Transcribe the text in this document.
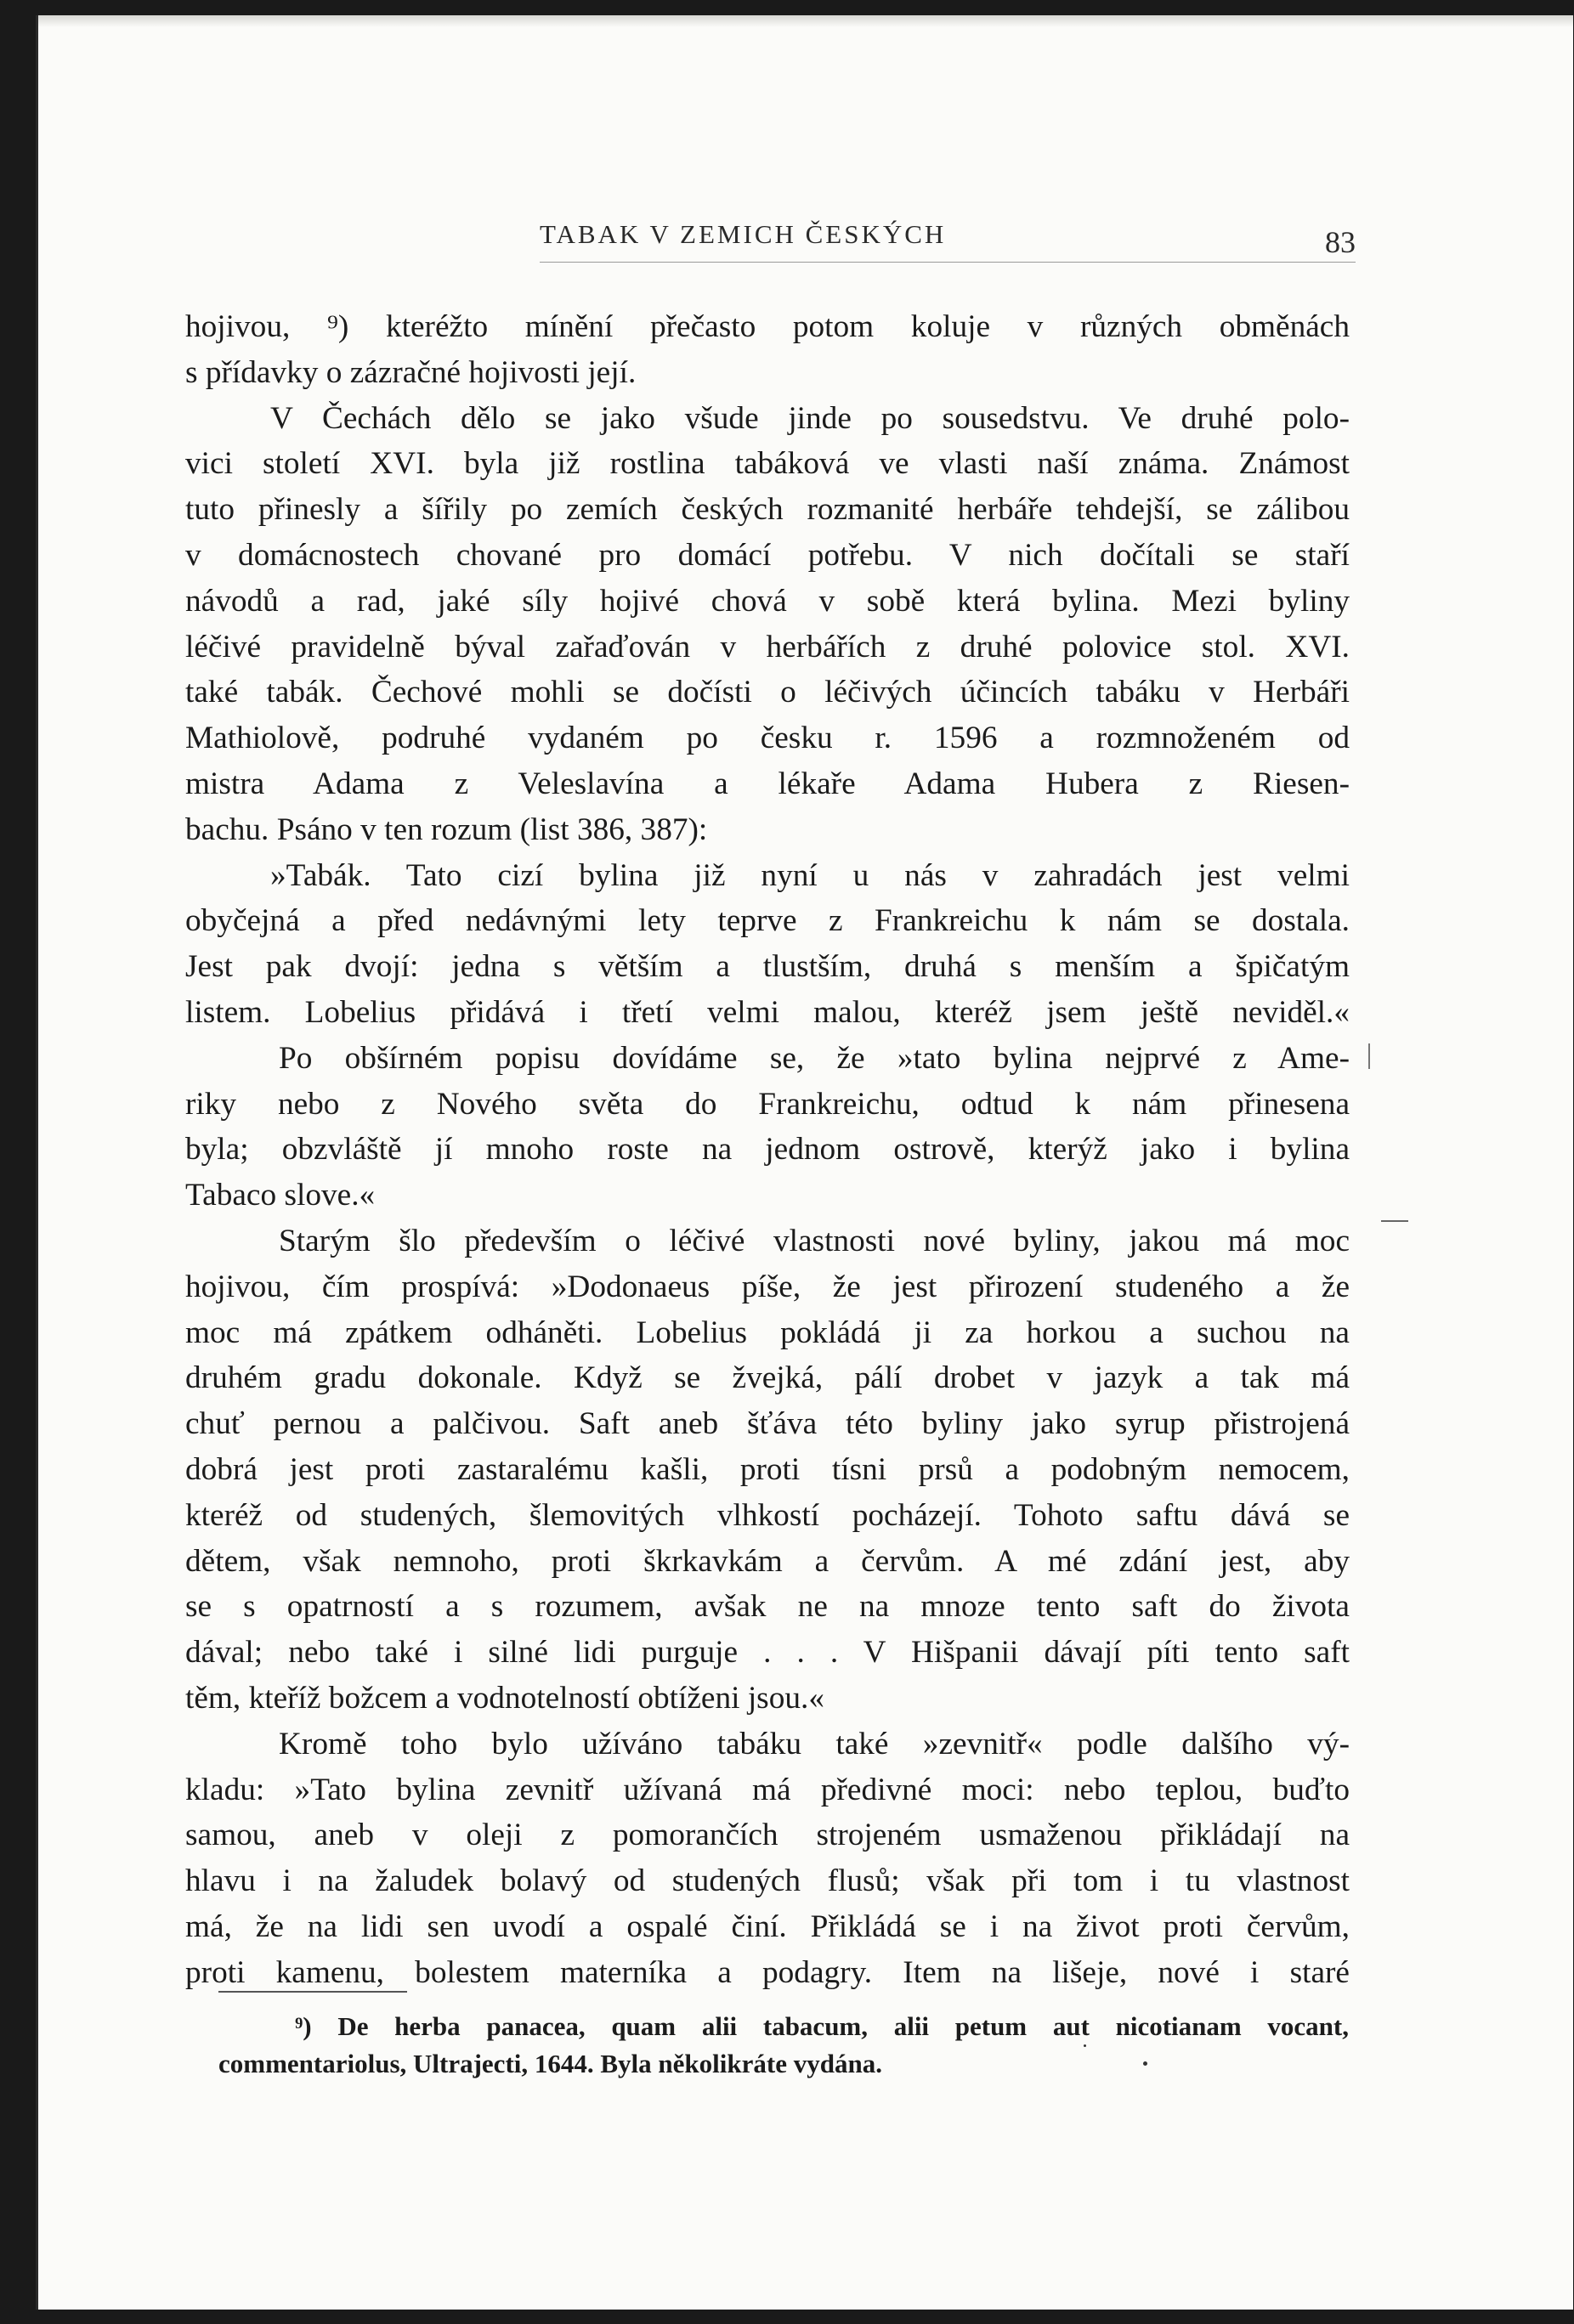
TABAK V ZEMICH ČESKÝCH	83
hojivou, ⁹) kteréžto mínění přečasto potom koluje v různých obměnách
s přídavky o zázračné hojivosti její.
V Čechách dělo se jako všude jinde po sousedstvu. Ve druhé polo-
vici století XVI. byla již rostlina tabáková ve vlasti naší známa. Známost
tuto přinesly a šířily po zemích českých rozmanité herbáře tehdejší, se zálibou
v domácnostech chované pro domácí potřebu. V nich dočítali se staří
návodů a rad, jaké síly hojivé chová v sobě která bylina. Mezi byliny
léčivé pravidelně býval zařaďován v herbářích z druhé polovice stol. XVI.
také tabák. Čechové mohli se dočísti o léčivých účincích tabáku v Herbáři
Mathiolově, podruhé vydaném po česku r. 1596 a rozmnoženém od
mistra Adama z Veleslavína a lékaře Adama Hubera z Riesen-
bachu. Psáno v ten rozum (list 386, 387):
»Tabák. Tato cizí bylina již nyní u nás v zahradách jest velmi
obyčejná a před nedávnými lety teprve z Frankreichu k nám se dostala.
Jest pak dvojí: jedna s větším a tlustším, druhá s menším a špičatým
listem. Lobelius přidává i třetí velmi malou, kteréž jsem ještě neviděl.«
Po obšírném popisu dovídáme se, že »tato bylina nejprvé z Ame-
riky nebo z Nového světa do Frankreichu, odtud k nám přinesena
byla; obzvláště jí mnoho roste na jednom ostrově, kterýž jako i bylina
Tabaco slove.«
Starým šlo především o léčivé vlastnosti nové byliny, jakou má moc
hojivou, čím prospívá: »Dodonaeus píše, že jest přirození studeného a že
moc má zpátkem odháněti. Lobelius pokládá ji za horkou a suchou na
druhém gradu dokonale. Když se žvejká, pálí drobet v jazyk a tak má
chuť pernou a palčivou. Saft aneb šťáva této byliny jako syrup přistrojená
dobrá jest proti zastaralému kašli, proti tísni prsů a podobným nemocem,
kteréž od studených, šlemovitých vlhkostí pocházejí. Tohoto saftu dává se
dětem, však nemnoho, proti škrkavkám a červům. A mé zdání jest, aby
se s opatrností a s rozumem, avšak ne na mnoze tento saft do života
dával; nebo také i silné lidi purguje . . . V Hišpanii dávají píti tento saft
těm, kteříž božcem a vodnotelností obtíženi jsou.«
Kromě toho bylo užíváno tabáku také »zevnitř« podle dalšího vý-
kladu: »Tato bylina zevnitř užívaná má předivné moci: nebo teplou, buďto
samou, aneb v oleji z pomorančích strojeném usmaženou přikládají na
hlavu i na žaludek bolavý od studených flusů; však při tom i tu vlastnost
má, že na lidi sen uvodí a ospalé činí. Přikládá se i na život proti červům,
proti kamenu, bolestem materníka a podagry. Item na lišeje, nové i staré
⁹) De herba panacea, quam alii tabacum, alii petum aut nicotianam vocant,
commentariolus, Ultrajecti, 1644. Byla několikráte vydána.
